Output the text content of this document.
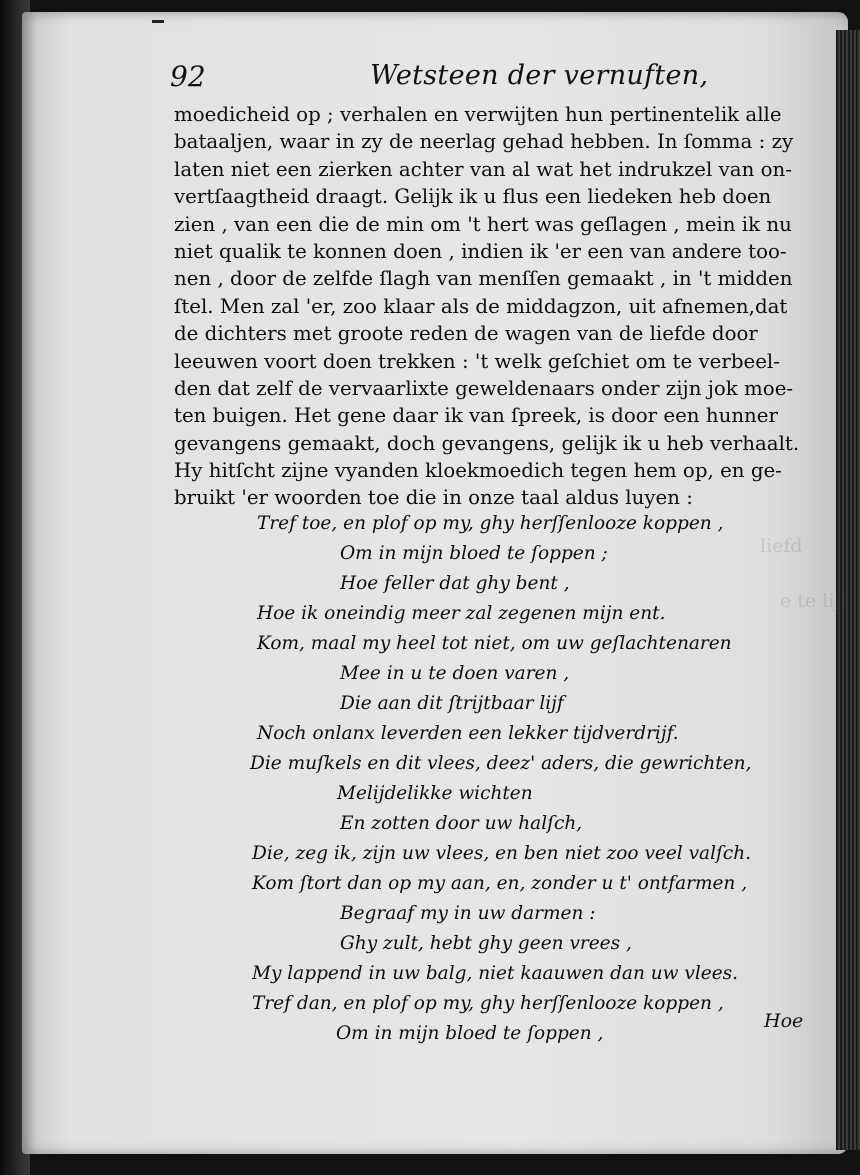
liefd
e te lijf
92	Wetsteen der vernuften,
moedicheid op ; verhalen en verwijten hun pertinentelik alle
bataaljen, waar in zy de neerlag gehad hebben. In ſomma : zy
laten niet een zierken achter van al wat het indrukzel van on-
vertſaagtheid draagt. Gelijk ik u flus een liedeken heb doen
zien , van een die de min om 't hert was geſlagen , mein ik nu
niet qualik te konnen doen , indien ik 'er een van andere too-
nen , door de zelfde ſlagh van menſſen gemaakt , in 't midden
ſtel. Men zal 'er, zoo klaar als de middagzon, uit afnemen,dat
de dichters met groote reden de wagen van de liefde door
leeuwen voort doen trekken : 't welk geſchiet om te verbeel-
den dat zelf de vervaarlixte geweldenaars onder zijn jok moe-
ten buigen. Het gene daar ik van ſpreek, is door een hunner
gevangens gemaakt, doch gevangens, gelijk ik u heb verhaalt.
Hy hitſcht zijne vyanden kloekmoedich tegen hem op, en ge-
bruikt 'er woorden toe die in onze taal aldus luyen :
Tref toe, en plof op my, ghy herſſenlooze koppen ,
Om in mijn bloed te ſoppen ;
Hoe feller dat ghy bent ,
Hoe ik oneindig meer zal zegenen mijn ent.
Kom, maal my heel tot niet, om uw geſlachtenaren
Mee in u te doen varen ,
Die aan dit ſtrijtbaar lijf
Noch onlanx leverden een lekker tijdverdrijf.
Die muſkels en dit vlees, deez' aders, die gewrichten,
Melijdelikke wichten
En zotten door uw halſch,
Die, zeg ik, zijn uw vlees, en ben niet zoo veel valſch.
Kom ſtort dan op my aan, en, zonder u t' ontfarmen ,
Begraaf my in uw darmen :
Ghy zult, hebt ghy geen vrees ,
My lappend in uw balg, niet kaauwen dan uw vlees.
Tref dan, en plof op my, ghy herſſenlooze koppen ,
Om in mijn bloed te ſoppen ,
Hoe
